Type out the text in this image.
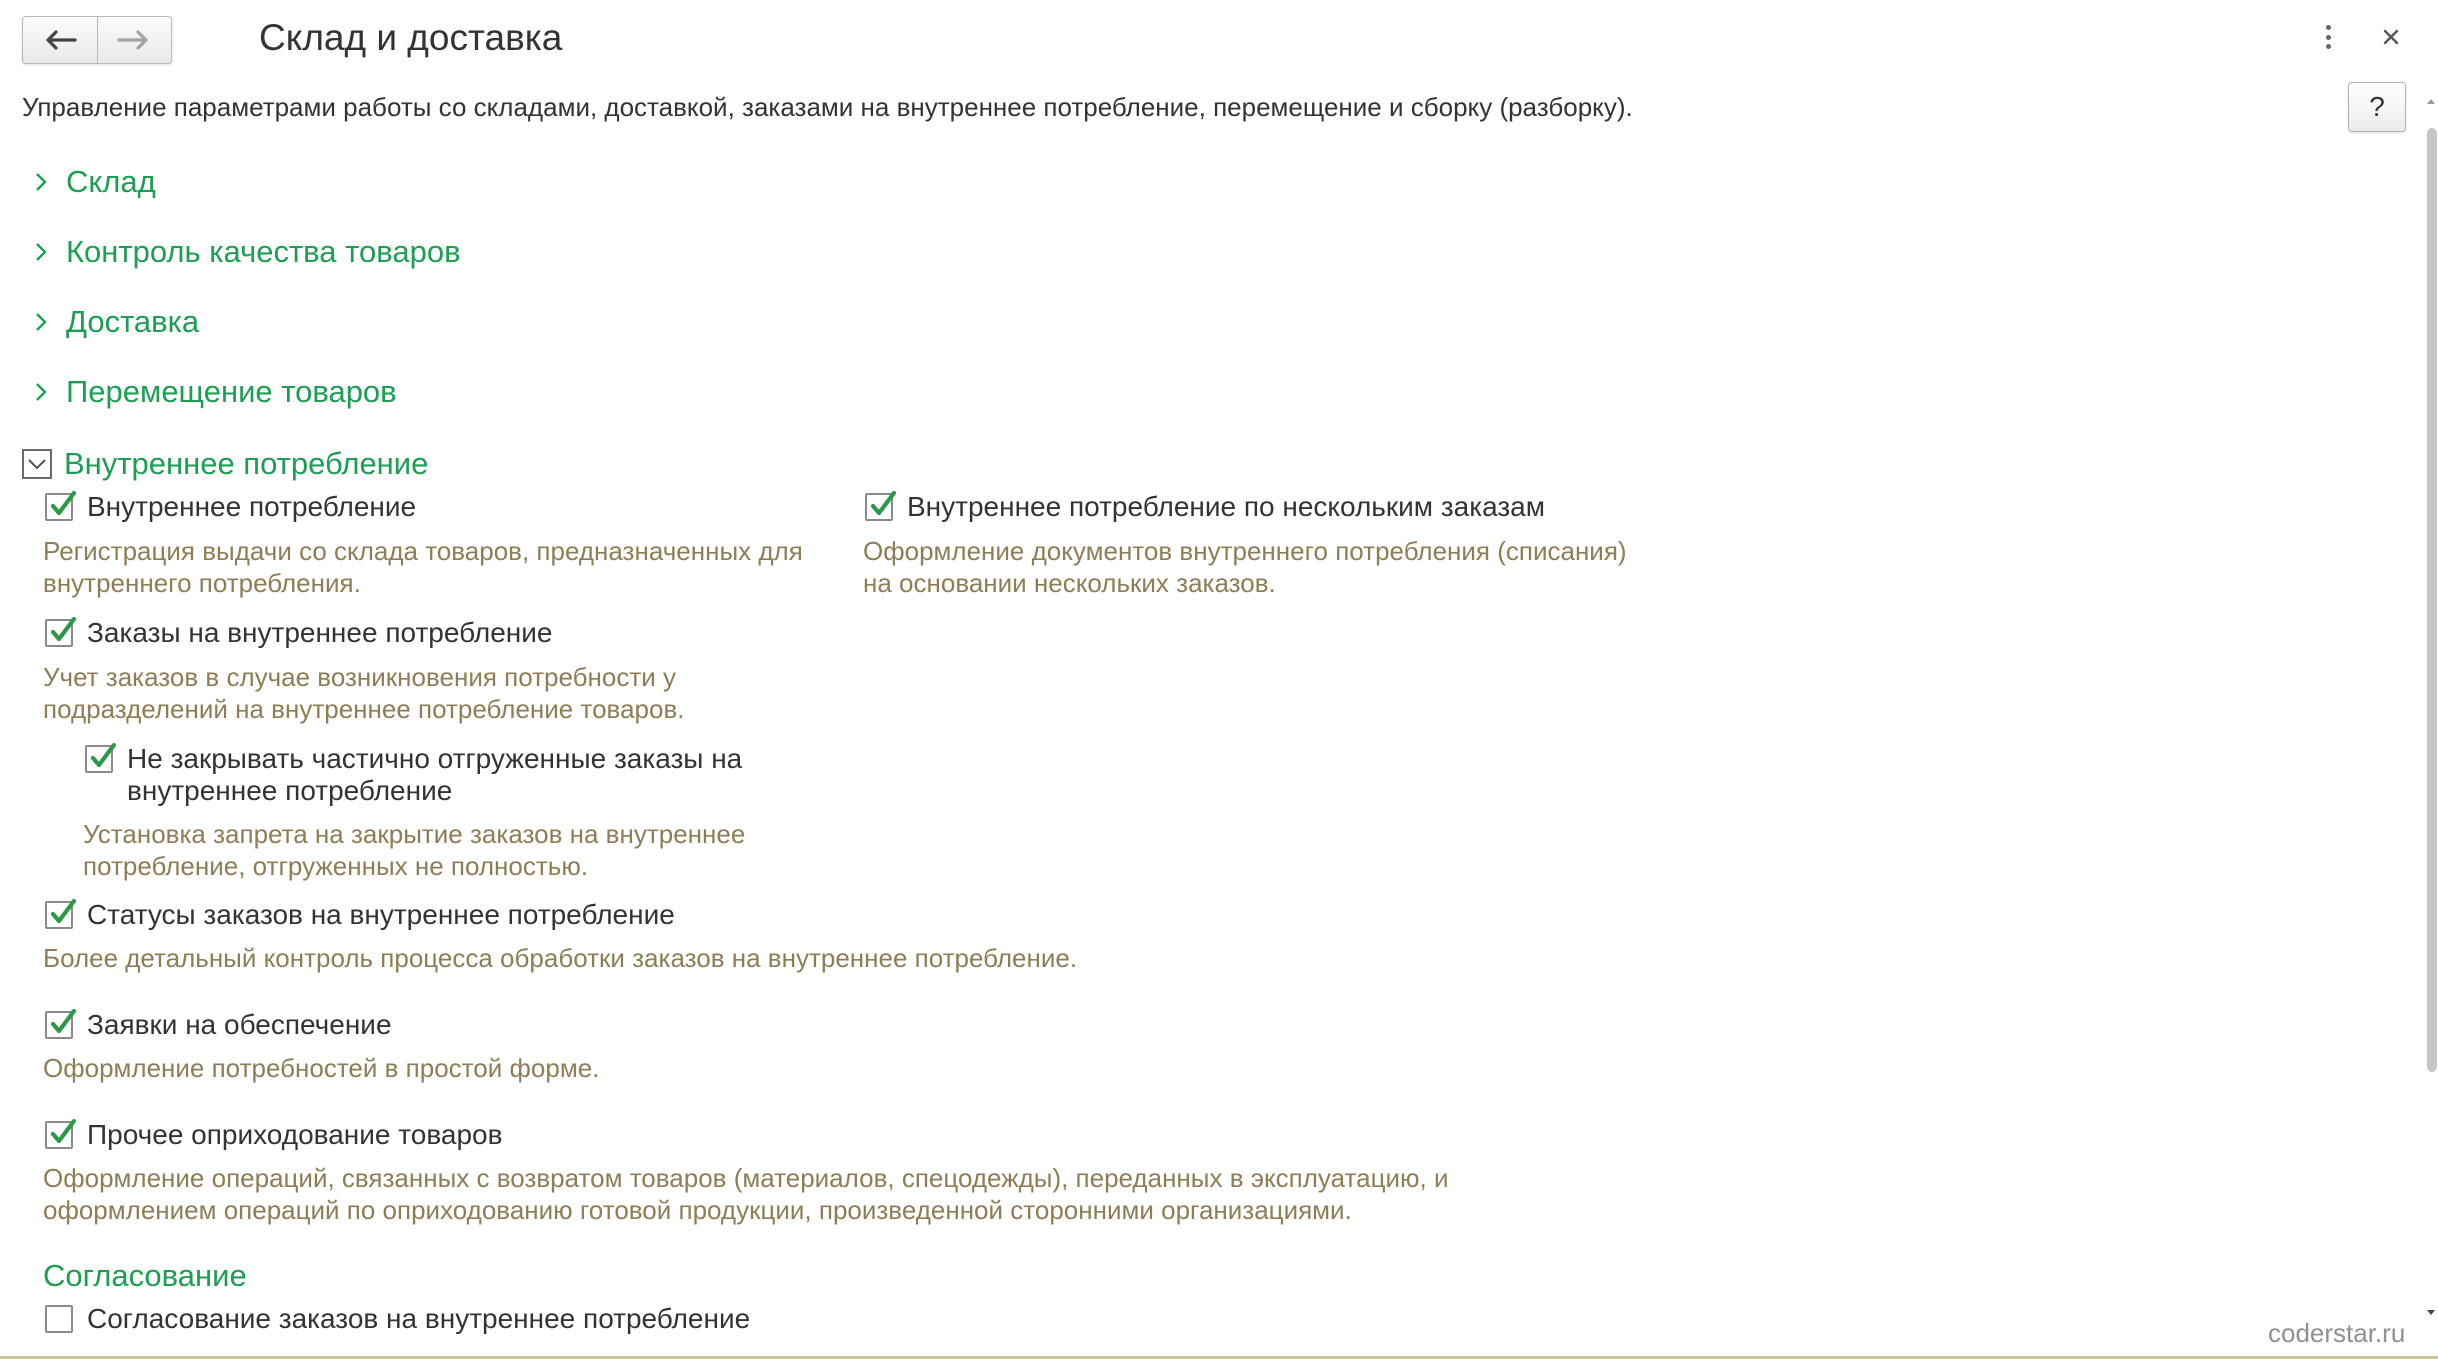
Склад и доставка
Управление параметрами работы со складами, доставкой, заказами на внутреннее потребление, перемещение и сборку (разборку).	?
Склад
Контроль качества товаров
Доставка
Перемещение товаров
Внутреннее потребление
Внутреннее потребление
Регистрация выдачи со склада товаров, предназначенных для
внутреннего потребления.
Заказы на внутреннее потребление
Учет заказов в случае возникновения потребности у
подразделений на внутреннее потребление товаров.
Не закрывать частично отгруженные заказы на
внутреннее потребление
Установка запрета на закрытие заказов на внутреннее
потребление, отгруженных не полностью.
Статусы заказов на внутреннее потребление
Более детальный контроль процесса обработки заказов на внутреннее потребление.
Заявки на обеспечение
Оформление потребностей в простой форме.
Прочее оприходование товаров
Оформление операций, связанных с возвратом товаров (материалов, спецодежды), переданных в эксплуатацию, и
оформлением операций по оприходованию готовой продукции, произведенной сторонними организациями.
Внутреннее потребление по нескольким заказам
Оформление документов внутреннего потребления (списания)
на основании нескольких заказов.
Согласование
Согласование заказов на внутреннее потребление	coderstar.ru
